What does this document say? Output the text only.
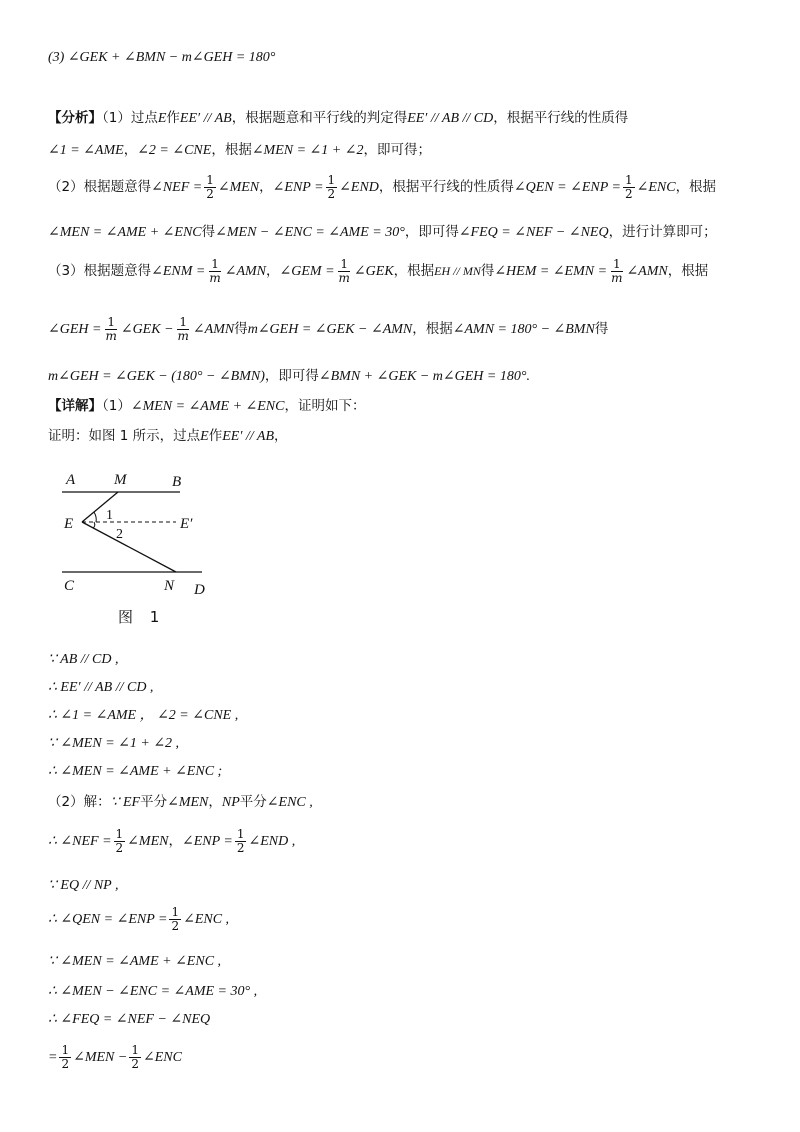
(3) ∠GEK + ∠BMN − m∠GEH = 180°
【分析】（1）过点E作EE′ // AB，根据题意和平行线的判定得EE′ // AB // CD，根据平行线的性质得
∠1 = ∠AME，∠2 = ∠CNE，根据∠MEN = ∠1 + ∠2，即可得；
（2）根据题意得∠NEF = $\frac{1}{2}$ ∠MEN，∠ENP = $\frac{1}{2}$ ∠END，根据平行线的性质得∠QEN = ∠ENP = $\frac{1}{2}$ ∠ENC，根据
∠MEN = ∠AME + ∠ENC得∠MEN − ∠ENC = ∠AME = 30°，即可得∠FEQ = ∠NEF − ∠NEQ，进行计算即可；
（3）根据题意得∠ENM = $\frac{1}{m}$ ∠AMN，∠GEM = $\frac{1}{m}$ ∠GEK，根据EH // MN得∠HEM = ∠EMN = $\frac{1}{m}$ ∠AMN，根据
∠GEH = $\frac{1}{m}$ ∠GEK − $\frac{1}{m}$ ∠AMN得m∠GEH = ∠GEK − ∠AMN，根据∠AMN = 180° − ∠BMN得
m∠GEH = ∠GEK − (180° − ∠BMN)，即可得∠BMN + ∠GEK − m∠GEH = 180°.
【详解】（1）∠MEN = ∠AME + ∠ENC，证明如下：
证明：如图 1 所示，过点E作EE′ // AB，
A	M	B
E
1
2
E′
C	N D
图 1
∵ AB // CD ,
∴ EE′ // AB // CD ,
∴ ∠1 = ∠AME ， ∠2 = ∠CNE ,
∵ ∠MEN = ∠1 + ∠2 ,
∴ ∠MEN = ∠AME + ∠ENC ;
（2）解：∵ EF平分∠MEN，NP平分∠ENC ,
∴ ∠NEF = $\frac{1}{2}$ ∠MEN，∠ENP = $\frac{1}{2}$ ∠END ,
∵ EQ // NP ,
∴ ∠QEN = ∠ENP = $\frac{1}{2}$ ∠ENC ,
∵ ∠MEN = ∠AME + ∠ENC ,
∴ ∠MEN − ∠ENC = ∠AME = 30° ,
∴ ∠FEQ = ∠NEF − ∠NEQ
= $\frac{1}{2}$ ∠MEN − $\frac{1}{2}$ ∠ENC
